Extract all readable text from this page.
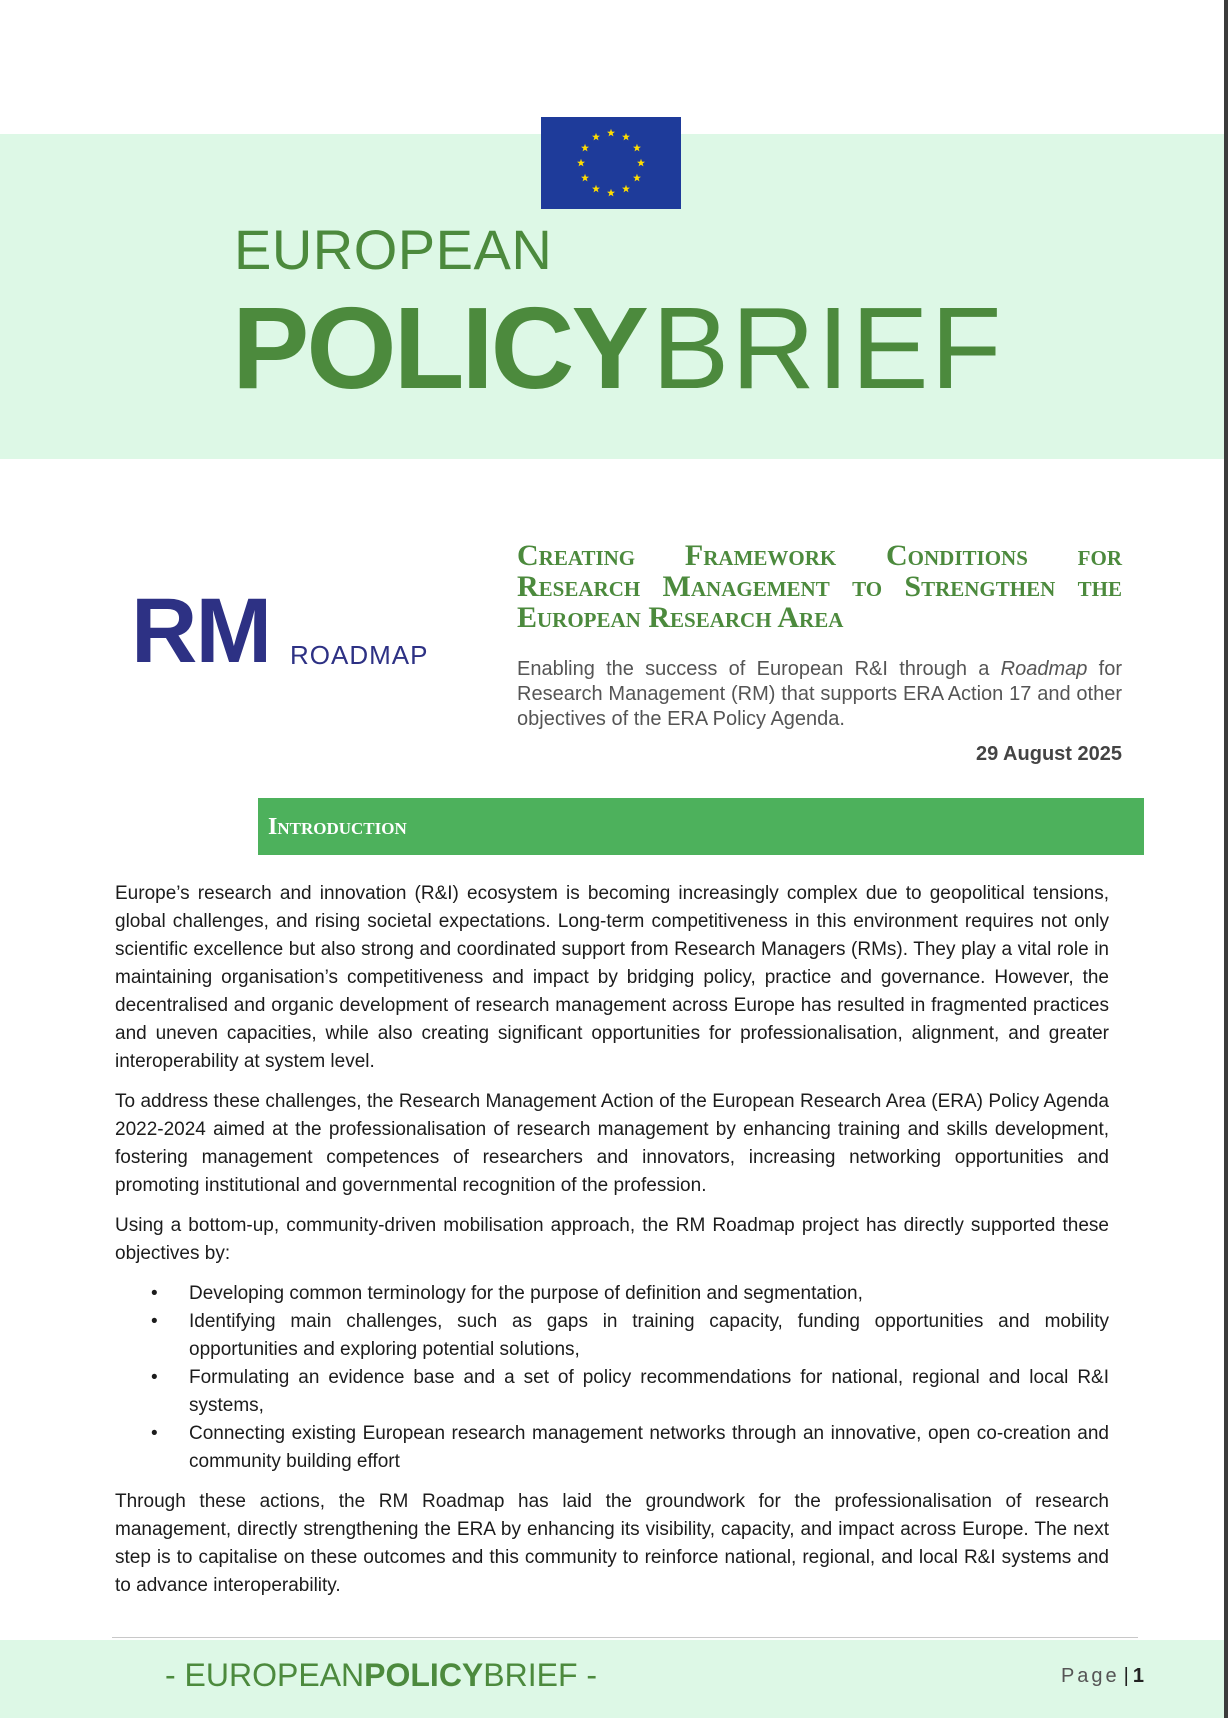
EUROPEAN
POLICYBRIEF
RM ROADMAP
Creating Framework Conditions for
Research Management to Strengthen the
European Research Area
Enabling the success of European R&I through a Roadmap for Research Management (RM) that supports ERA Action 17 and other objectives of the ERA Policy Agenda.
29 August 2025
Introduction

Europe’s research and innovation (R&I) ecosystem is becoming increasingly complex due to geopolitical tensions, global challenges, and rising societal expectations. Long-term competitiveness in this environment requires not only scientific excellence but also strong and coordinated support from Research Managers (RMs). They play a vital role in maintaining organisation’s competitiveness and impact by bridging policy, practice and governance. However, the decentralised and organic development of research management across Europe has resulted in fragmented practices and uneven capacities, while also creating significant opportunities for professionalisation, alignment, and greater interoperability at system level.

To address these challenges, the Research Management Action of the European Research Area (ERA) Policy Agenda 2022-2024 aimed at the professionalisation of research management by enhancing training and skills development, fostering management competences of researchers and innovators, increasing networking opportunities and promoting institutional and governmental recognition of the profession.

Using a bottom-up, community-driven mobilisation approach, the RM Roadmap project has directly supported these objectives by:

• Developing common terminology for the purpose of definition and segmentation,
• Identifying main challenges, such as gaps in training capacity, funding opportunities and mobility opportunities and exploring potential solutions,
• Formulating an evidence base and a set of policy recommendations for national, regional and local R&I systems,
• Connecting existing European research management networks through an innovative, open co-creation and community building effort

Through these actions, the RM Roadmap has laid the groundwork for the professionalisation of research management, directly strengthening the ERA by enhancing its visibility, capacity, and impact across Europe. The next step is to capitalise on these outcomes and this community to reinforce national, regional, and local R&I systems and to advance interoperability.

- EUROPEANPOLICYBRIEF -	Page | 1
